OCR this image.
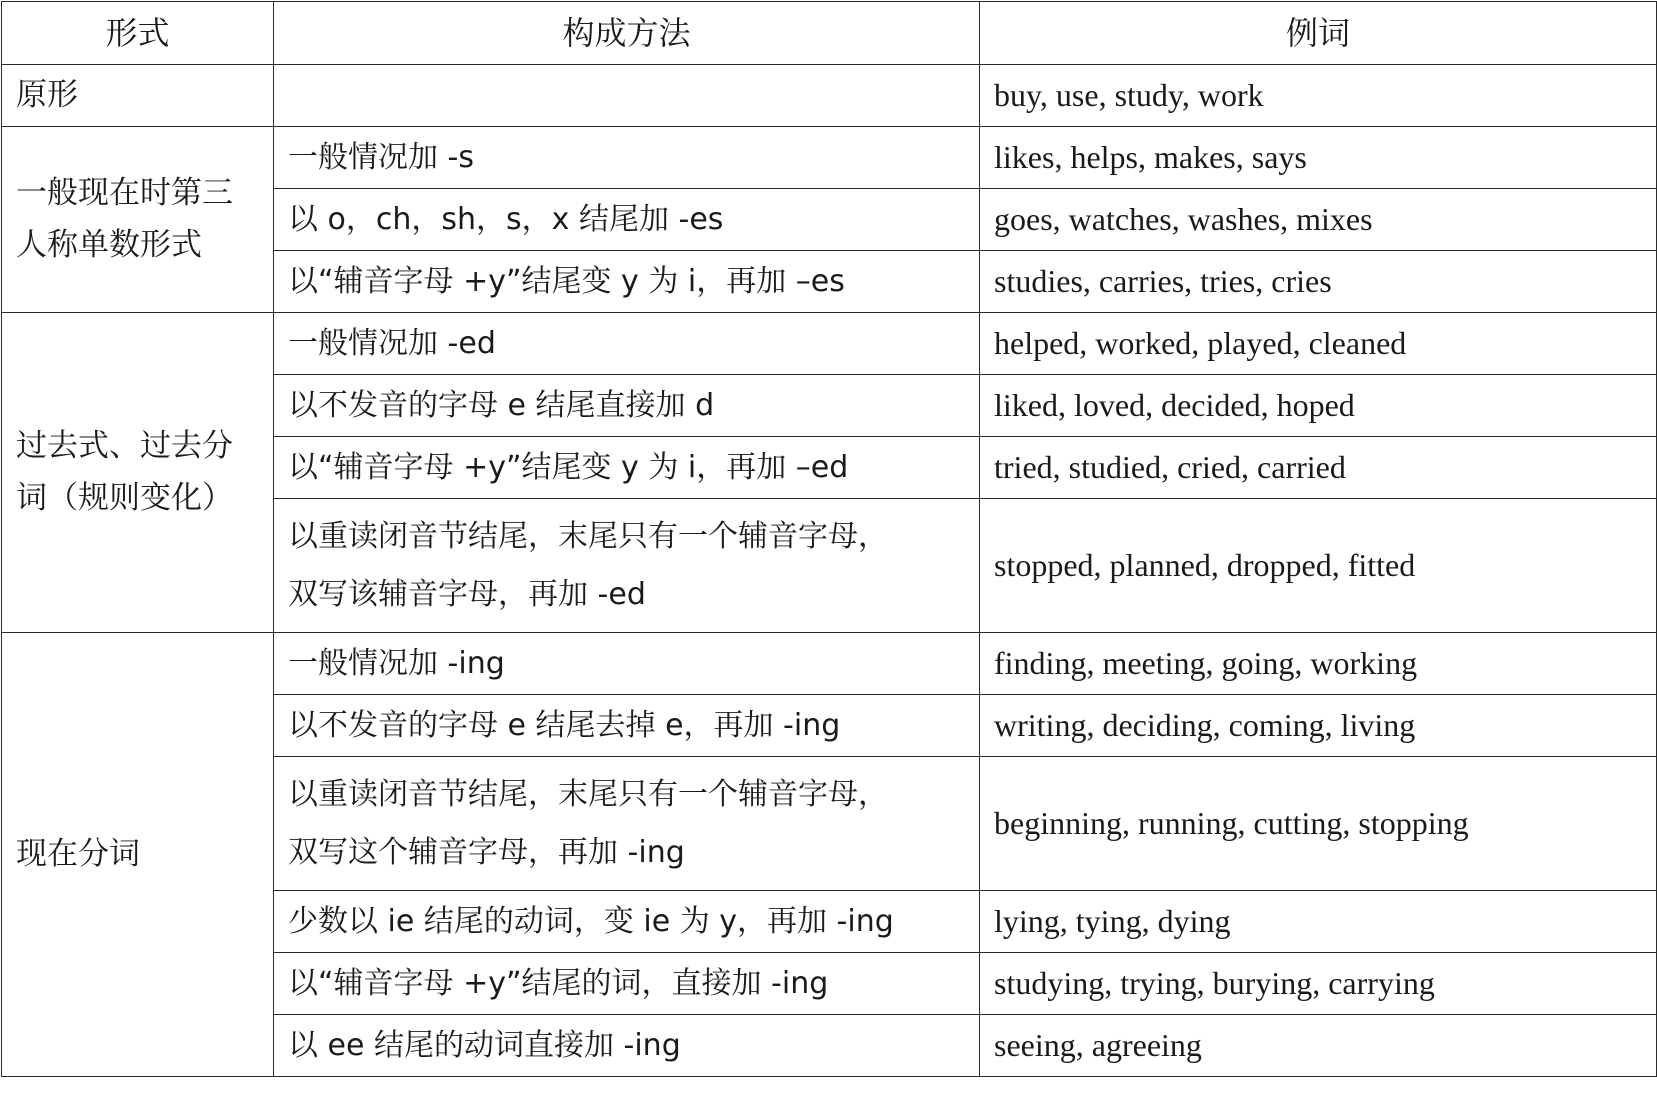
形式	构成方法	例词
原形		buy, use, study, work
一般现在时第三人称单数形式	一般情况加 -s	likes, helps, makes, says
	以 o，ch，sh，s，x 结尾加 -es	goes, watches, washes, mixes
	以“辅音字母 +y”结尾变 y 为 i，再加 –es	studies, carries, tries, cries
过去式、过去分词（规则变化）	一般情况加 -ed	helped, worked, played, cleaned
	以不发音的字母 e 结尾直接加 d	liked, loved, decided, hoped
	以“辅音字母 +y”结尾变 y 为 i，再加 –ed	tried, studied, cried, carried
	以重读闭音节结尾，末尾只有一个辅音字母，
双写该辅音字母，再加 -ed	stopped, planned, dropped, fitted
现在分词	一般情况加 -ing	finding, meeting, going, working
	以不发音的字母 e 结尾去掉 e，再加 -ing	writing, deciding, coming, living
	以重读闭音节结尾，末尾只有一个辅音字母，
双写这个辅音字母，再加 -ing	beginning, running, cutting, stopping
	少数以 ie 结尾的动词，变 ie 为 y，再加 -ing	lying, tying, dying
	以“辅音字母 +y”结尾的词，直接加 -ing	studying, trying, burying, carrying
	以 ee 结尾的动词直接加 -ing	seeing, agreeing
